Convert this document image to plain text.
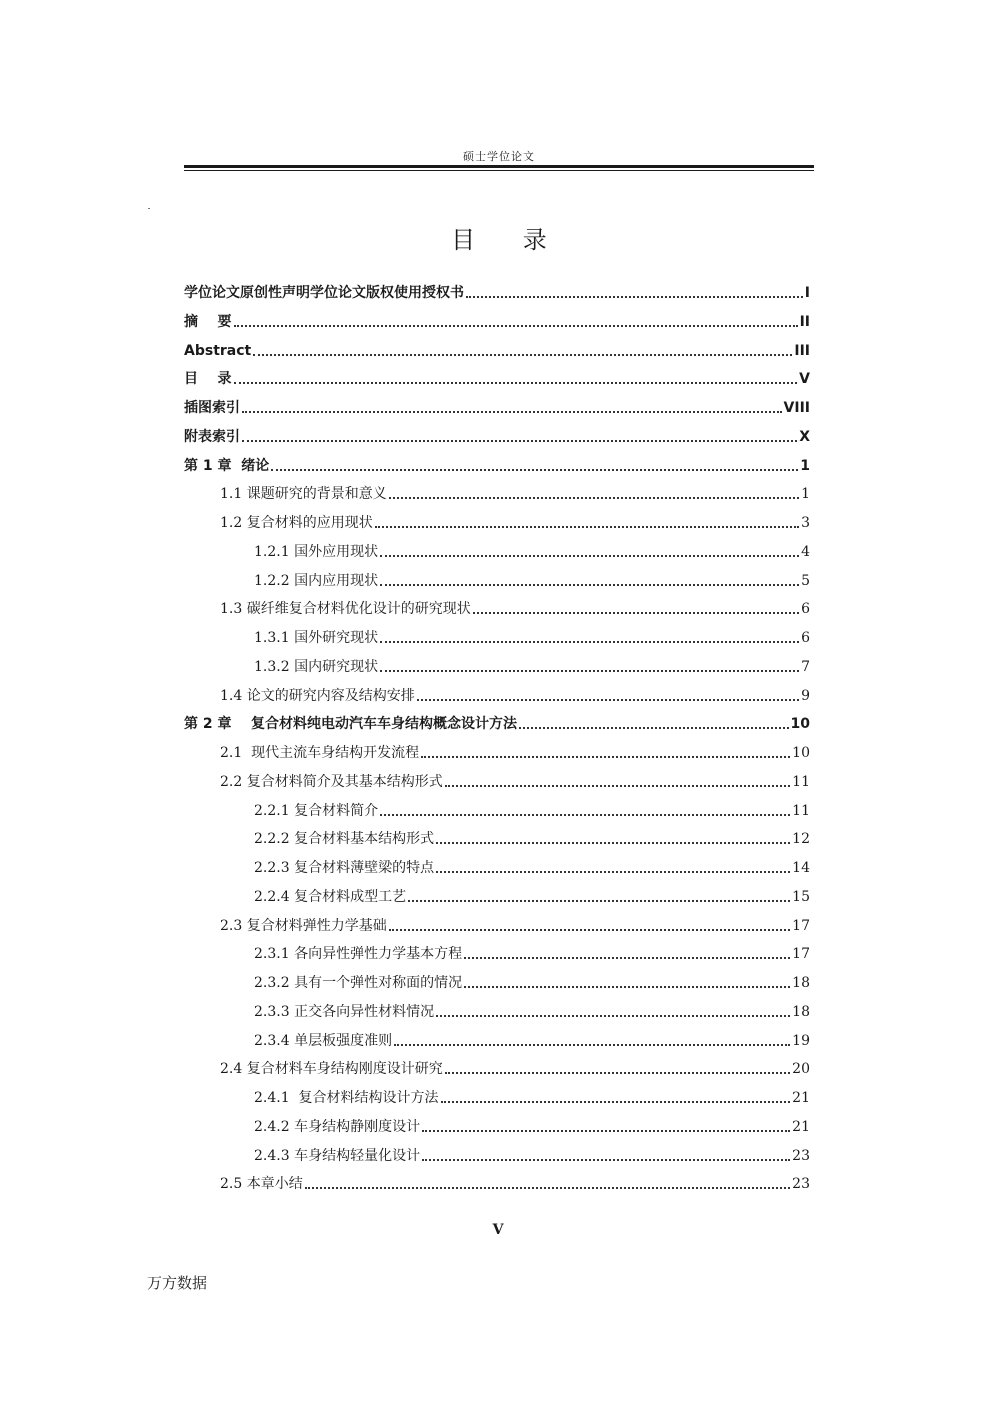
硕士学位论文
目 录
学位论文原创性声明学位论文版权使用授权书	I
摘    要	II
Abstract	III
目    录	V
插图索引	VIII
附表索引	X
第 1 章  绪论	1
1.1 课题研究的背景和意义	1
1.2 复合材料的应用现状	3
1.2.1 国外应用现状	4
1.2.2 国内应用现状	5
1.3 碳纤维复合材料优化设计的研究现状	6
1.3.1 国外研究现状	6
1.3.2 国内研究现状	7
1.4 论文的研究内容及结构安排	9
第 2 章    复合材料纯电动汽车车身结构概念设计方法	10
2.1  现代主流车身结构开发流程	10
2.2 复合材料简介及其基本结构形式	11
2.2.1 复合材料简介	11
2.2.2 复合材料基本结构形式	12
2.2.3 复合材料薄壁梁的特点	14
2.2.4 复合材料成型工艺	15
2.3 复合材料弹性力学基础	17
2.3.1 各向异性弹性力学基本方程	17
2.3.2 具有一个弹性对称面的情况	18
2.3.3 正交各向异性材料情况	18
2.3.4 单层板强度准则	19
2.4 复合材料车身结构刚度设计研究	20
2.4.1  复合材料结构设计方法	21
2.4.2 车身结构静刚度设计	21
2.4.3 车身结构轻量化设计	23
2.5 本章小结	23
V
万方数据
